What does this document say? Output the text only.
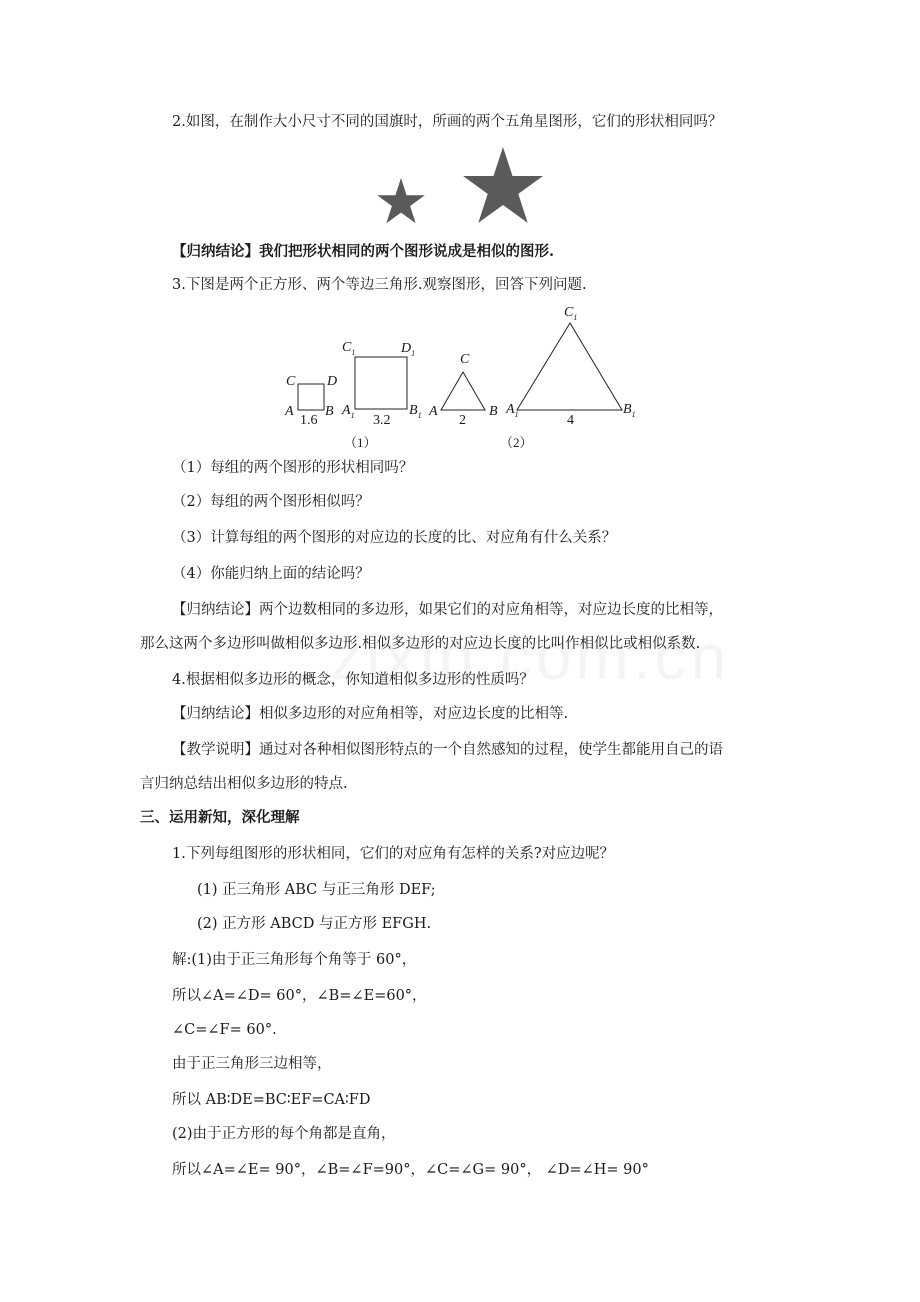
2.如图，在制作大小尺寸不同的国旗时，所画的两个五角星图形，它们的形状相同吗？
【归纳结论】我们把形状相同的两个图形说成是相似的图形.
3.下图是两个正方形、两个等边三角形.观察图形，回答下列问题.
C D
A B
1.6
$C_1$	$D_1$
$A_1$	$B_1$
3.2
C
A	B
2
$C_1$
$A_1$	$B_1$
4
（1）	（2）
（1）每组的两个图形的形状相同吗？
（2）每组的两个图形相似吗？
（3）计算每组的两个图形的对应边的长度的比、对应角有什么关系？
（4）你能归纳上面的结论吗？
【归纳结论】两个边数相同的多边形，如果它们的对应角相等，对应边长度的比相等，
那么这两个多边形叫做相似多边形.相似多边形的对应边长度的比叫作相似比或相似系数.
4.根据相似多边形的概念，你知道相似多边形的性质吗？
【归纳结论】相似多边形的对应角相等，对应边长度的比相等.
【教学说明】通过对各种相似图形特点的一个自然感知的过程，使学生都能用自己的语
言归纳总结出相似多边形的特点.
三、运用新知，深化理解
1.下列每组图形的形状相同，它们的对应角有怎样的关系?对应边呢？
(1) 正三角形 ABC 与正三角形 DEF;
(2) 正方形 ABCD 与正方形 EFGH.
解:(1)由于正三角形每个角等于 60°，
所以∠A=∠D= 60°，∠B=∠E=60°，
∠C=∠F= 60°.
由于正三角形三边相等，
所以 AB∶DE=BC∶EF=CA∶FD
(2)由于正方形的每个角都是直角，
所以∠A=∠E= 90°，∠B=∠F=90°，∠C=∠G= 90°， ∠D=∠H= 90°
